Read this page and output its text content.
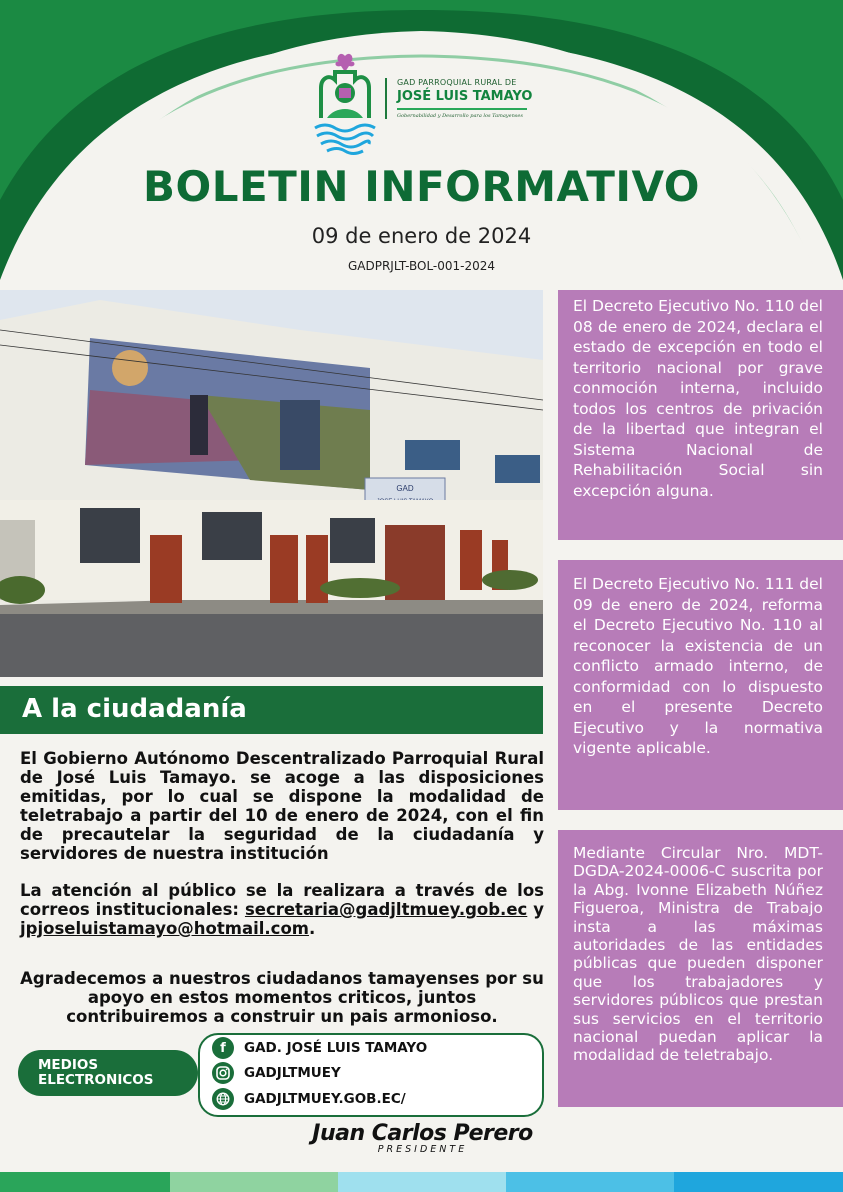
GAD PARROQUIAL RURAL DE
JOSÉ LUIS TAMAYO
Gobernabilidad y Desarrollo para los Tamayenses
BOLETIN INFORMATIVO
09 de enero de 2024
GADPRJLT-BOL-001-2024
GAD
El Decreto Ejecutivo No. 110 del 08 de enero de 2024, declara el estado de excepción en todo el territorio nacional por grave conmoción interna, incluido todos los centros de privación de la libertad que integran el Sistema Nacional de Rehabilitación Social sin excepción alguna.
El Decreto Ejecutivo No. 111 del 09 de enero de 2024, reforma el Decreto Ejecutivo No. 110 al reconocer la existencia de un conflicto armado interno, de conformidad con lo dispuesto en el presente Decreto Ejecutivo y la normativa vigente aplicable.
Mediante Circular Nro. MDT-DGDA-2024-0006-C suscrita por la Abg. Ivonne Elizabeth Núñez Figueroa, Ministra de Trabajo insta a las máximas autoridades de las entidades públicas que pueden disponer que los trabajadores y servidores públicos que prestan sus servicios en el territorio nacional puedan aplicar la modalidad de teletrabajo.
A la ciudadanía
El Gobierno Autónomo Descentralizado Parroquial Rural de José Luis Tamayo. se acoge a las disposiciones emitidas, por lo cual se dispone la modalidad de teletrabajo a partir del 10 de enero de 2024, con el fin de precautelar la seguridad de la ciudadanía y servidores de nuestra institución
La atención al público se la realizara a través de los correos institucionales: secretaria@gadjltmuey.gob.ec y jpjoseluistamayo@hotmail.com.
Agradecemos a nuestros ciudadanos tamayenses por su apoyo en estos momentos criticos, juntos contribuiremos a construir un pais armonioso.
MEDIOS
ELECTRONICOS
f	GAD. JOSÉ LUIS TAMAYO
GADJLTMUEY
GADJLTMUEY.GOB.EC/
Juan Carlos Perero
PRESIDENTE
